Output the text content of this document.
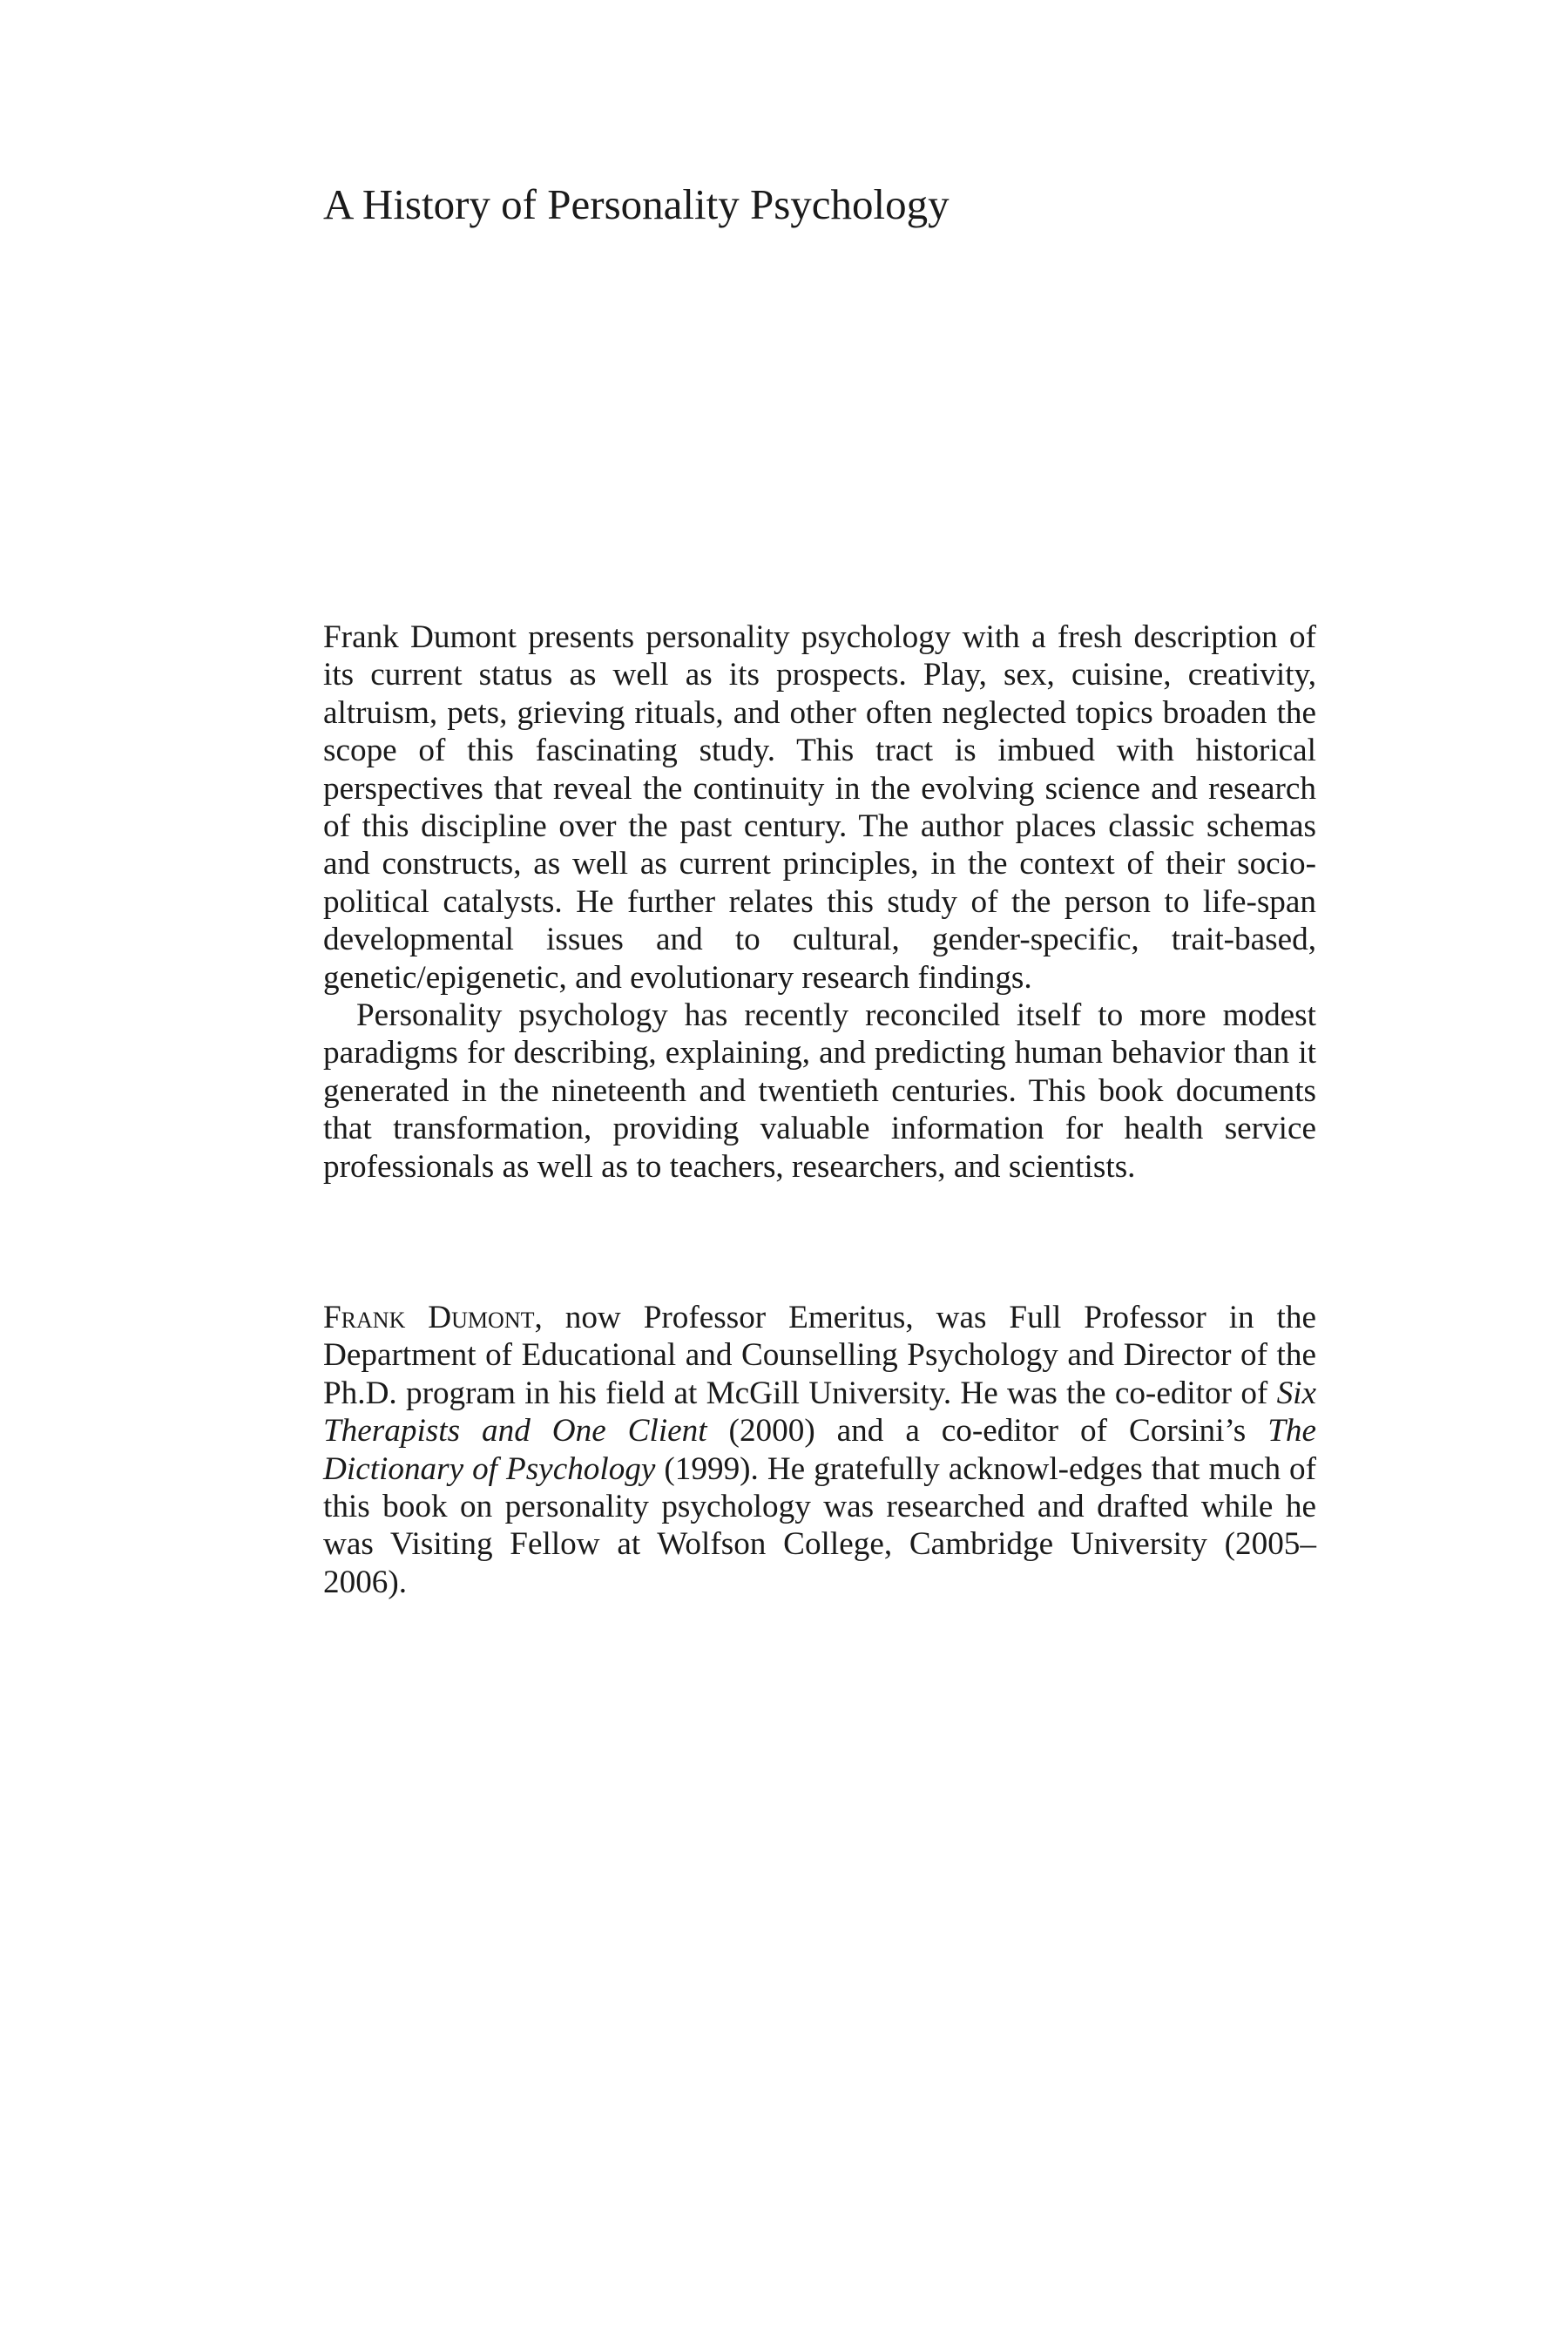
A History of Personality Psychology

Frank Dumont presents personality psychology with a fresh description of its current status as well as its prospects. Play, sex, cuisine, creativity, altruism, pets, grieving rituals, and other often neglected topics broaden the scope of this fascinating study. This tract is imbued with historical perspectives that reveal the continuity in the evolving science and research of this discipline over the past century. The author places classic schemas and constructs, as well as current principles, in the context of their socio-political catalysts. He further relates this study of the person to life-span developmental issues and to cultural, gender-specific, trait-based, genetic/epigenetic, and evolutionary research findings.

Personality psychology has recently reconciled itself to more modest paradigms for describing, explaining, and predicting human behavior than it generated in the nineteenth and twentieth centuries. This book documents that transformation, providing valuable information for health service professionals as well as to teachers, researchers, and scientists.

Frank Dumont, now Professor Emeritus, was Full Professor in the Department of Educational and Counselling Psychology and Director of the Ph.D. program in his field at McGill University. He was the co-editor of Six Therapists and One Client (2000) and a co-editor of Corsini’s The Dictionary of Psychology (1999). He gratefully acknowl-edges that much of this book on personality psychology was researched and drafted while he was Visiting Fellow at Wolfson College, Cambridge University (2005–2006).
